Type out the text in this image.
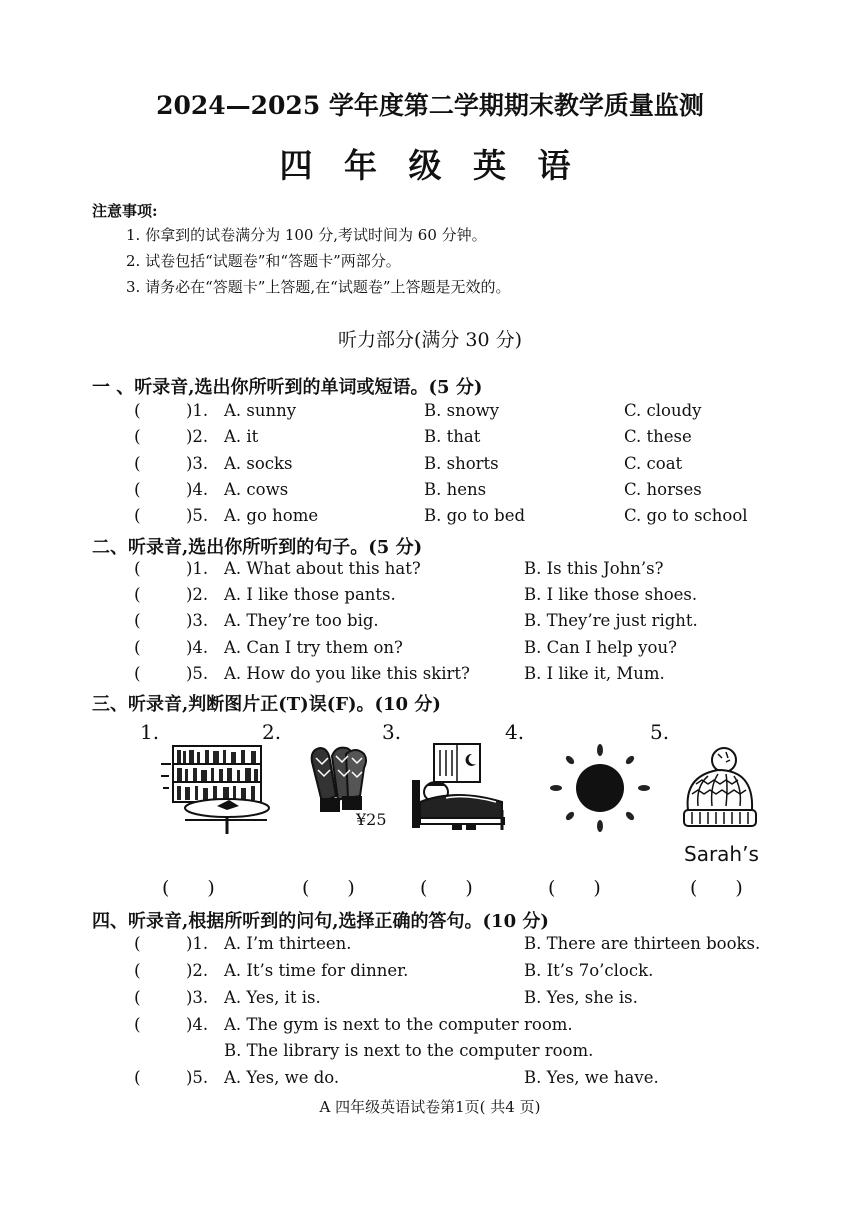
2024—2025 学年度第二学期期末教学质量监测
四 年 级 英 语
注意事项:
1. 你拿到的试卷满分为 100 分,考试时间为 60 分钟。
2. 试卷包括“试题卷”和“答题卡”两部分。
3. 请务必在“答题卡”上答题,在“试题卷”上答题是无效的。
听力部分(满分 30 分)
一 、听录音,选出你所听到的单词或短语。(5 分)
(	)1. A. sunny	B. snowy	C. cloudy
(	)2. A. it	B. that	C. these
(	)3. A. socks	B. shorts	C. coat
(	)4. A. cows	B. hens	C. horses
(	)5. A. go home	B. go to bed	C. go to school
二、听录音,选出你所听到的句子。(5 分)
(	)1. A. What about this hat?	B. Is this John’s?
(	)2. A. I like those pants.	B. I like those shoes.
(	)3. A. They’re too big.	B. They’re just right.
(	)4. A. Can I try them on?	B. Can I help you?
(	)5. A. How do you like this skirt?	B. I like it, Mum.
三、听录音,判断图片正(T)误(F)。(10 分)
1.	2.	3.	4.	5.
¥25
Sarah’s
(　　)	(　　)	(　　)	(　　)	(　　)
四、听录音,根据所听到的问句,选择正确的答句。(10 分)
(	)1. A. I’m thirteen.	B. There are thirteen books.
(	)2. A. It’s time for dinner.	B. It’s 7o’clock.
(	)3. A. Yes, it is.	B. Yes, she is.
(	)4. A. The gym is next to the computer room.
B. The library is next to the computer room.
(	)5. A. Yes, we do.	B. Yes, we have.
A 四年级英语试卷第1页( 共4 页)
